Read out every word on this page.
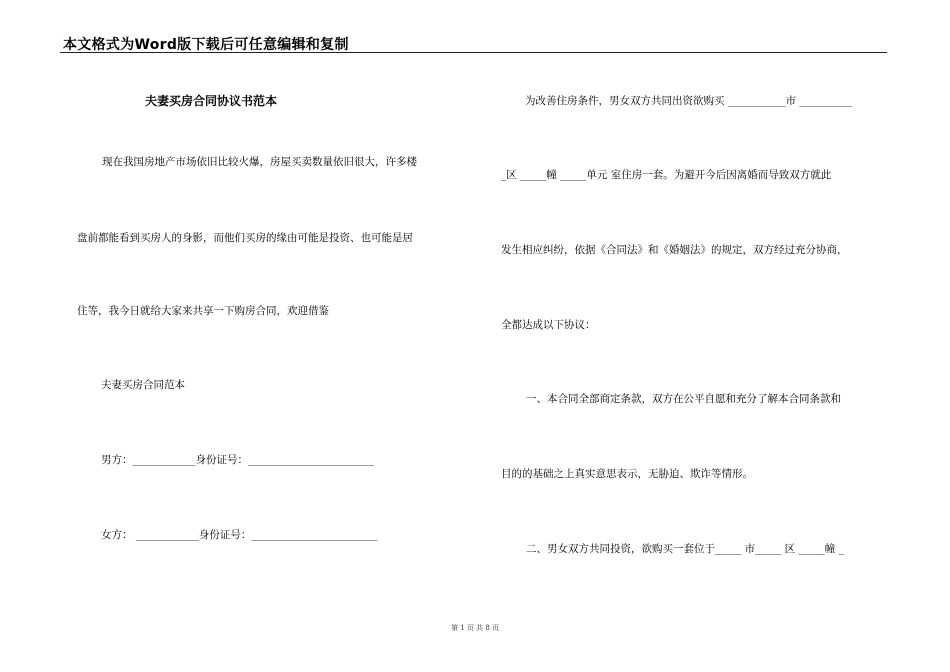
本文格式为Word版下载后可任意编辑和复制
夫妻买房合同协议书范本
现在我国房地产市场依旧比较火爆，房屋买卖数量依旧很大，许多楼
盘前都能看到买房人的身影，而他们买房的缘由可能是投资、也可能是居
住等，我今日就给大家来共享一下购房合同，欢迎借鉴
夫妻买房合同范本
男方：____________身份证号：________________________
女方： ____________身份证号：________________________
为改善住房条件，男女双方共同出资欲购买 ___________市 __________
_区 _____幢 _____单元 室住房一套。为避开今后因离婚而导致双方就此
发生相应纠纷，依据《合同法》和《婚姻法》的规定，双方经过充分协商，
全都达成以下协议：
一、本合同全部商定条款，双方在公平自愿和充分了解本合同条款和
目的的基础之上真实意思表示，无胁迫、欺诈等情形。
二、男女双方共同投资，欲购买一套位于_____ 市_____ 区 _____幢 _
第 1 页 共 8 页
